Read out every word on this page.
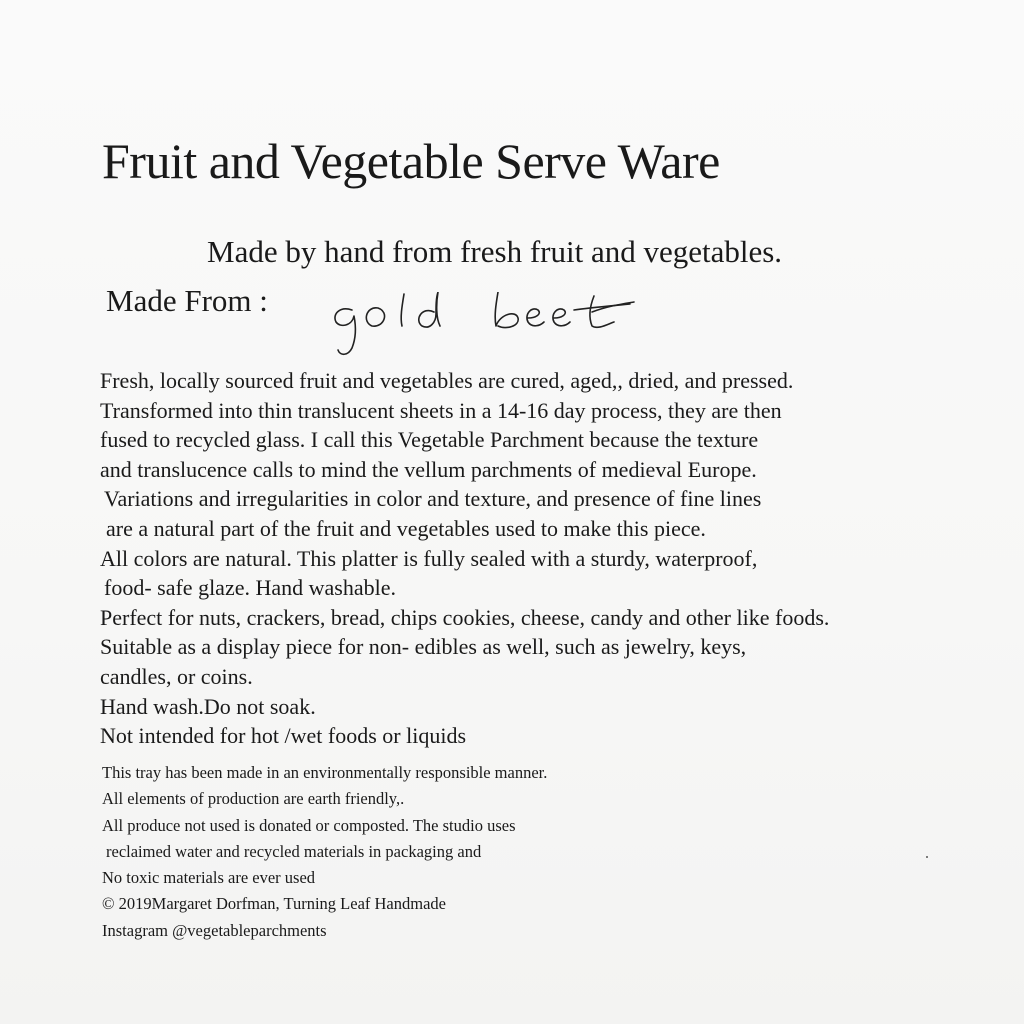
Fruit and Vegetable Serve Ware
Made by hand from fresh fruit and vegetables.
Made From :
Fresh, locally sourced fruit and vegetables are cured, aged,, dried, and pressed.
Transformed into thin translucent sheets in a 14-16 day process, they are then
fused to recycled glass. I call this Vegetable Parchment because the texture
and translucence calls to mind the vellum parchments of medieval Europe.
Variations and irregularities in color and texture, and presence of fine lines
are a natural part of the fruit and vegetables used to make this piece.
All colors are natural. This platter is fully sealed with a sturdy, waterproof,
food- safe glaze. Hand washable.
Perfect for nuts, crackers, bread, chips cookies, cheese, candy and other like foods.
Suitable as a display piece for non- edibles as well, such as jewelry, keys,
candles, or coins.
Hand wash.Do not soak.
Not intended for hot /wet foods or liquids
This tray has been made in an environmentally responsible manner.
All elements of production are earth friendly,.
All produce not used is donated or composted. The studio uses
reclaimed water and recycled materials in packaging and
No toxic materials are ever used
© 2019Margaret Dorfman, Turning Leaf Handmade
Instagram @vegetableparchments
